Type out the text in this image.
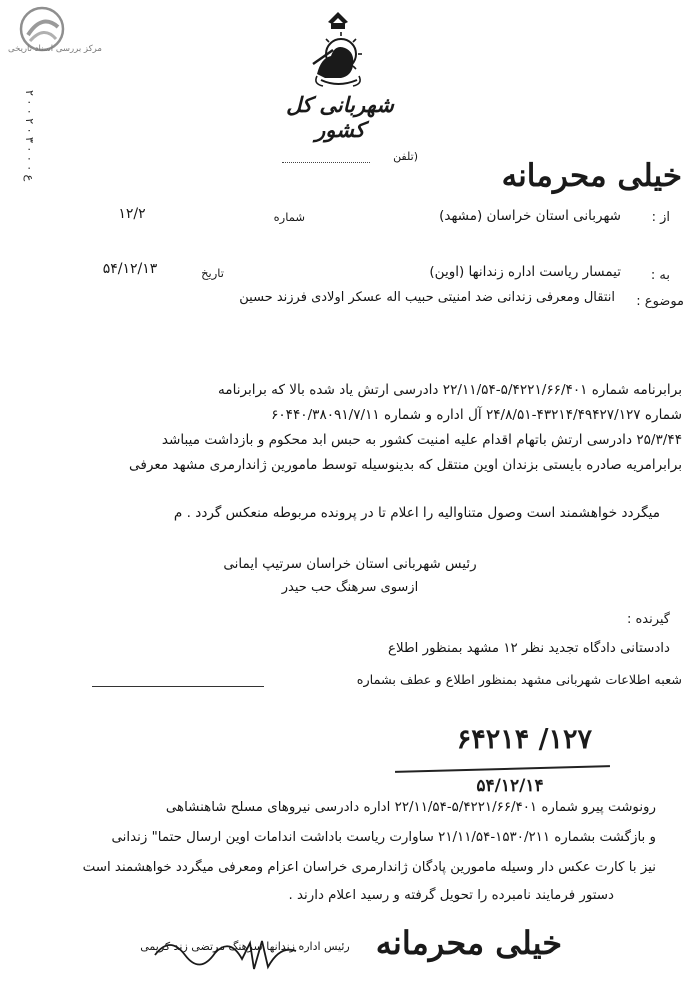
مرکز بررسی اسناد تاریخی
۲ ۰ ۰ ۲ ۰ ۳ ۰ ۰ ۰ ع
شهربانی کل کشور
(تلفن
خیلی محرمانه
از :
شهربانی استان خراسان (مشهد)
شماره
۱۲/۲
به :
تیمسار ریاست اداره زندانها (اوین)
تاریخ
۵۴/۱۲/۱۳
موضوع :
انتقال ومعرفی زندانی ضد امنیتی حبیب اله عسکر اولادی فرزند حسین
برابرنامه شماره ۵/۴۲۲۱/۶۶/۴۰۱-۲۲/۱۱/۵۴ دادرسی ارتش یاد شده بالا که برابرنامه
شماره ۴۳۲۱۴/۴۹۴۲۷/۱۲۷-۲۴/۸/۵۱ آل اداره و شماره ۶۰۴۴۰/۳۸۰۹۱/۷/۱۱
۲۵/۳/۴۴ دادرسی ارتش باتهام اقدام علیه امنیت کشور به حبس ابد محکوم و بازداشت میباشد
برابرامریه صادره بایستی بزندان اوین منتقل که بدینوسیله توسط مامورین ژاندارمری مشهد معرفی
میگردد خواهشمند است وصول متناوالیه را اعلام تا در پرونده مربوطه منعکس گردد . م
رئیس شهربانی استان خراسان سرتیپ ایمانی
ازسوی سرهنگ حب حیدر
گیرنده :
دادستانی دادگاه تجدید نظر ۱۲ مشهد بمنظور اطلاع
شعبه اطلاعات شهربانی مشهد بمنظور اطلاع و عطف بشماره
۱۲۷/ ۶۴۲۱۴
۵۴/۱۲/۱۴
رونوشت پیرو شماره ۵/۴۲۲۱/۶۶/۴۰۱-۲۲/۱۱/۵۴ اداره دادرسی نیروهای مسلح شاهنشاهی
و بازگشت بشماره ۱۵۳۰/۲۱۱-۲۱/۱۱/۵۴ ساوارت ریاست باداشت اندامات اوین ارسال حتما" زندانی
نیز با کارت عکس دار وسیله مامورین پادگان ژاندارمری خراسان اعزام ومعرفی میگردد خواهشمند است
دستور فرمایند نامبرده را تحویل گرفته و رسید اعلام دارند .
رئیس اداره زندانها سرهنگ مرتضی زند کریمی خیلی محرمانه
